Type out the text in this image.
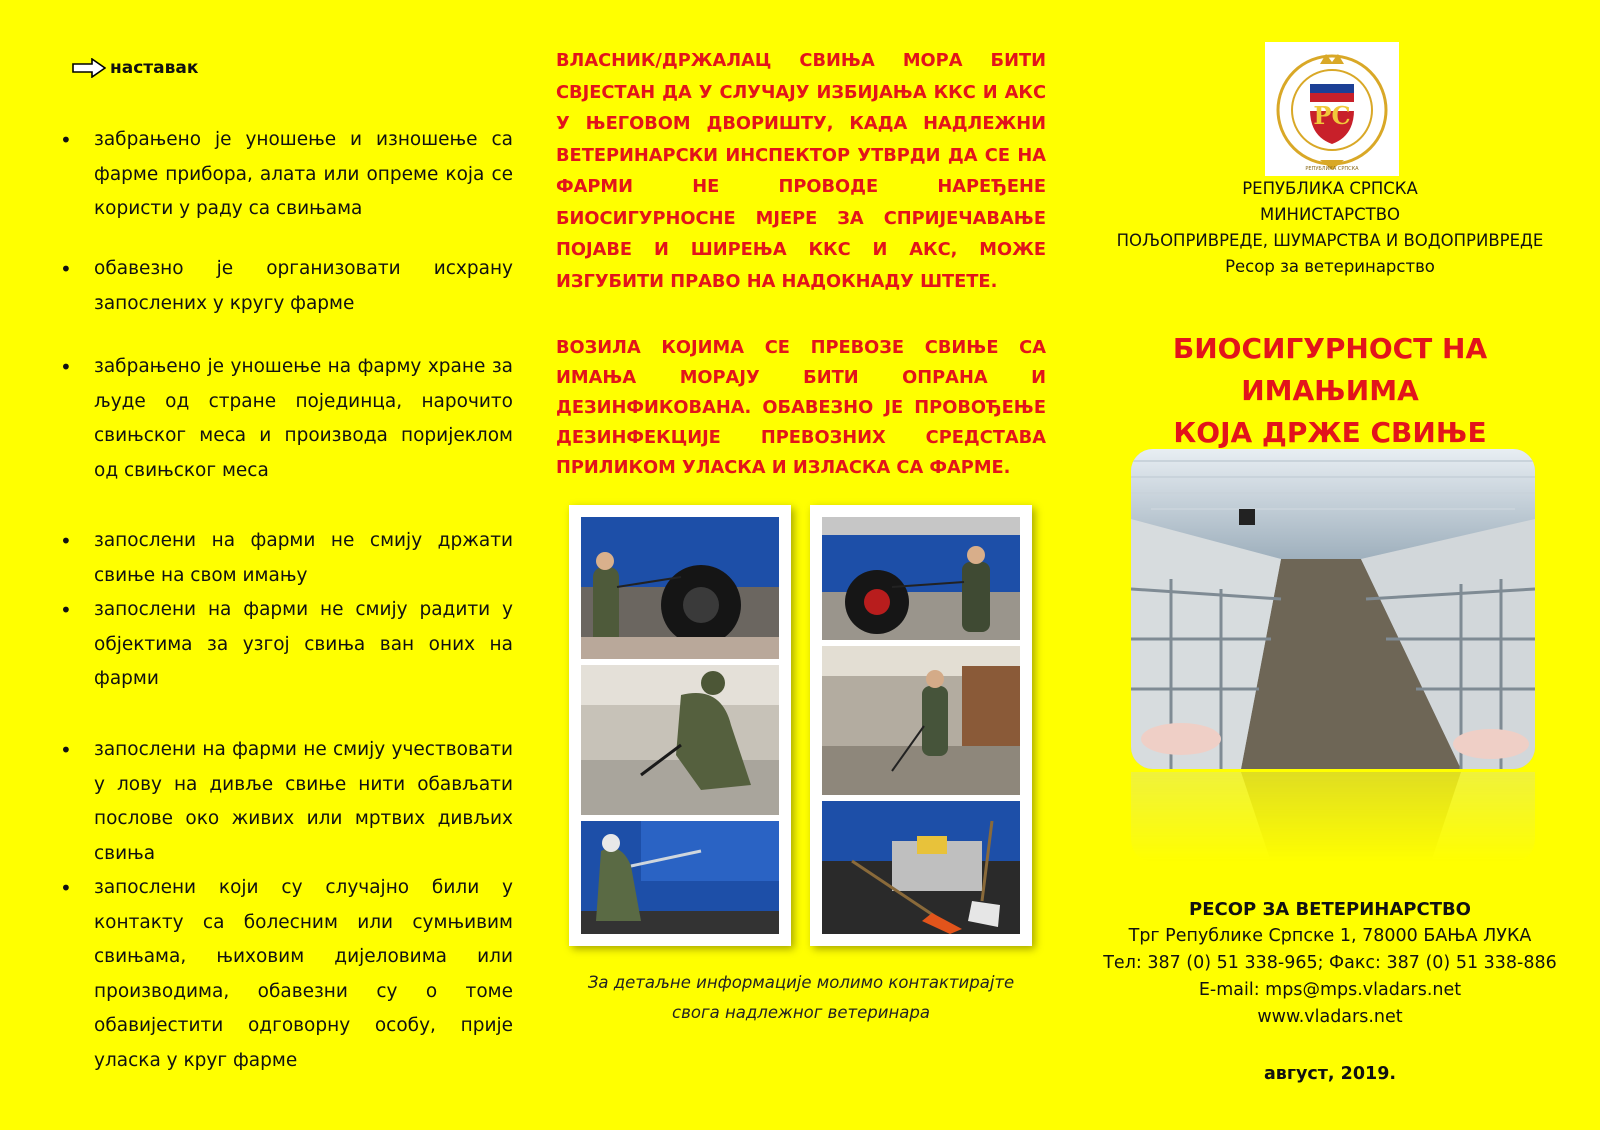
наставак
• забрањено је уношење и изношење са фарме прибора, алата или опреме која се користи у раду са свињама
• обавезно је организовати исхрану запослених у кругу фарме
• забрањено је уношење на фарму хране за људе од стране појединца, нарочито свињског меса и производа поријеклом од свињског меса
• запослени на фарми не смију држати свиње на свом имању
• запослени на фарми не смију радити у објектима за узгој свиња ван оних на фарми
• запослени на фарми не смију учествовати у лову на дивље свиње нити обављати послове око живих или мртвих дивљих свиња
• запослени који су случајно били у контакту са болесним или сумњивим свињама, њиховим дијеловима или производима, обавезни су о томе обавијестити одговорну особу, прије уласка у круг фарме

ВЛАСНИК/ДРЖАЛАЦ СВИЊА МОРА БИТИ СВЈЕСТАН ДА У СЛУЧАЈУ ИЗБИЈАЊА ККС И АКС У ЊЕГОВОМ ДВОРИШТУ, КАДА НАДЛЕЖНИ ВЕТЕРИНАРСКИ ИНСПЕКТОР УТВРДИ ДА СЕ НА ФАРМИ НЕ ПРОВОДЕ НАРЕЂЕНЕ БИОСИГУРНОСНЕ МЈЕРЕ ЗА СПРИЈЕЧАВАЊЕ ПОЈАВЕ И ШИРЕЊА ККС И АКС, МОЖЕ ИЗГУБИТИ ПРАВО НА НАДОКНАДУ ШТЕТЕ.

ВОЗИЛА КОЈИМА СЕ ПРЕВОЗЕ СВИЊЕ СА ИМАЊА МОРАЈУ БИТИ ОПРАНА И ДЕЗИНФИКОВАНА. ОБАВЕЗНО ЈЕ ПРОВОЂЕЊЕ ДЕЗИНФЕКЦИЈЕ ПРЕВОЗНИХ СРЕДСТАВА ПРИЛИКОМ УЛАСКА И ИЗЛАСКА СА ФАРМЕ.

За детаљне информације молимо контактирајте
свога надлежног ветеринара
РС
РЕПУБЛИКА СРПСКА
РЕПУБЛИКА СРПСКА
МИНИСТАРСТВО
ПОЉОПРИВРЕДЕ, ШУМАРСТВА И ВОДОПРИВРЕДЕ
Ресор за ветеринарство
БИОСИГУРНОСТ НА ИМАЊИМА
КОЈА ДРЖЕ СВИЊЕ
РЕСОР ЗА ВЕТЕРИНАРСТВО
Трг Републике Српске 1, 78000 БАЊА ЛУКА
Тел: 387 (0) 51 338-965; Факс: 387 (0) 51 338-886
E-mail: mps@mps.vladars.net
www.vladars.net
август, 2019.
